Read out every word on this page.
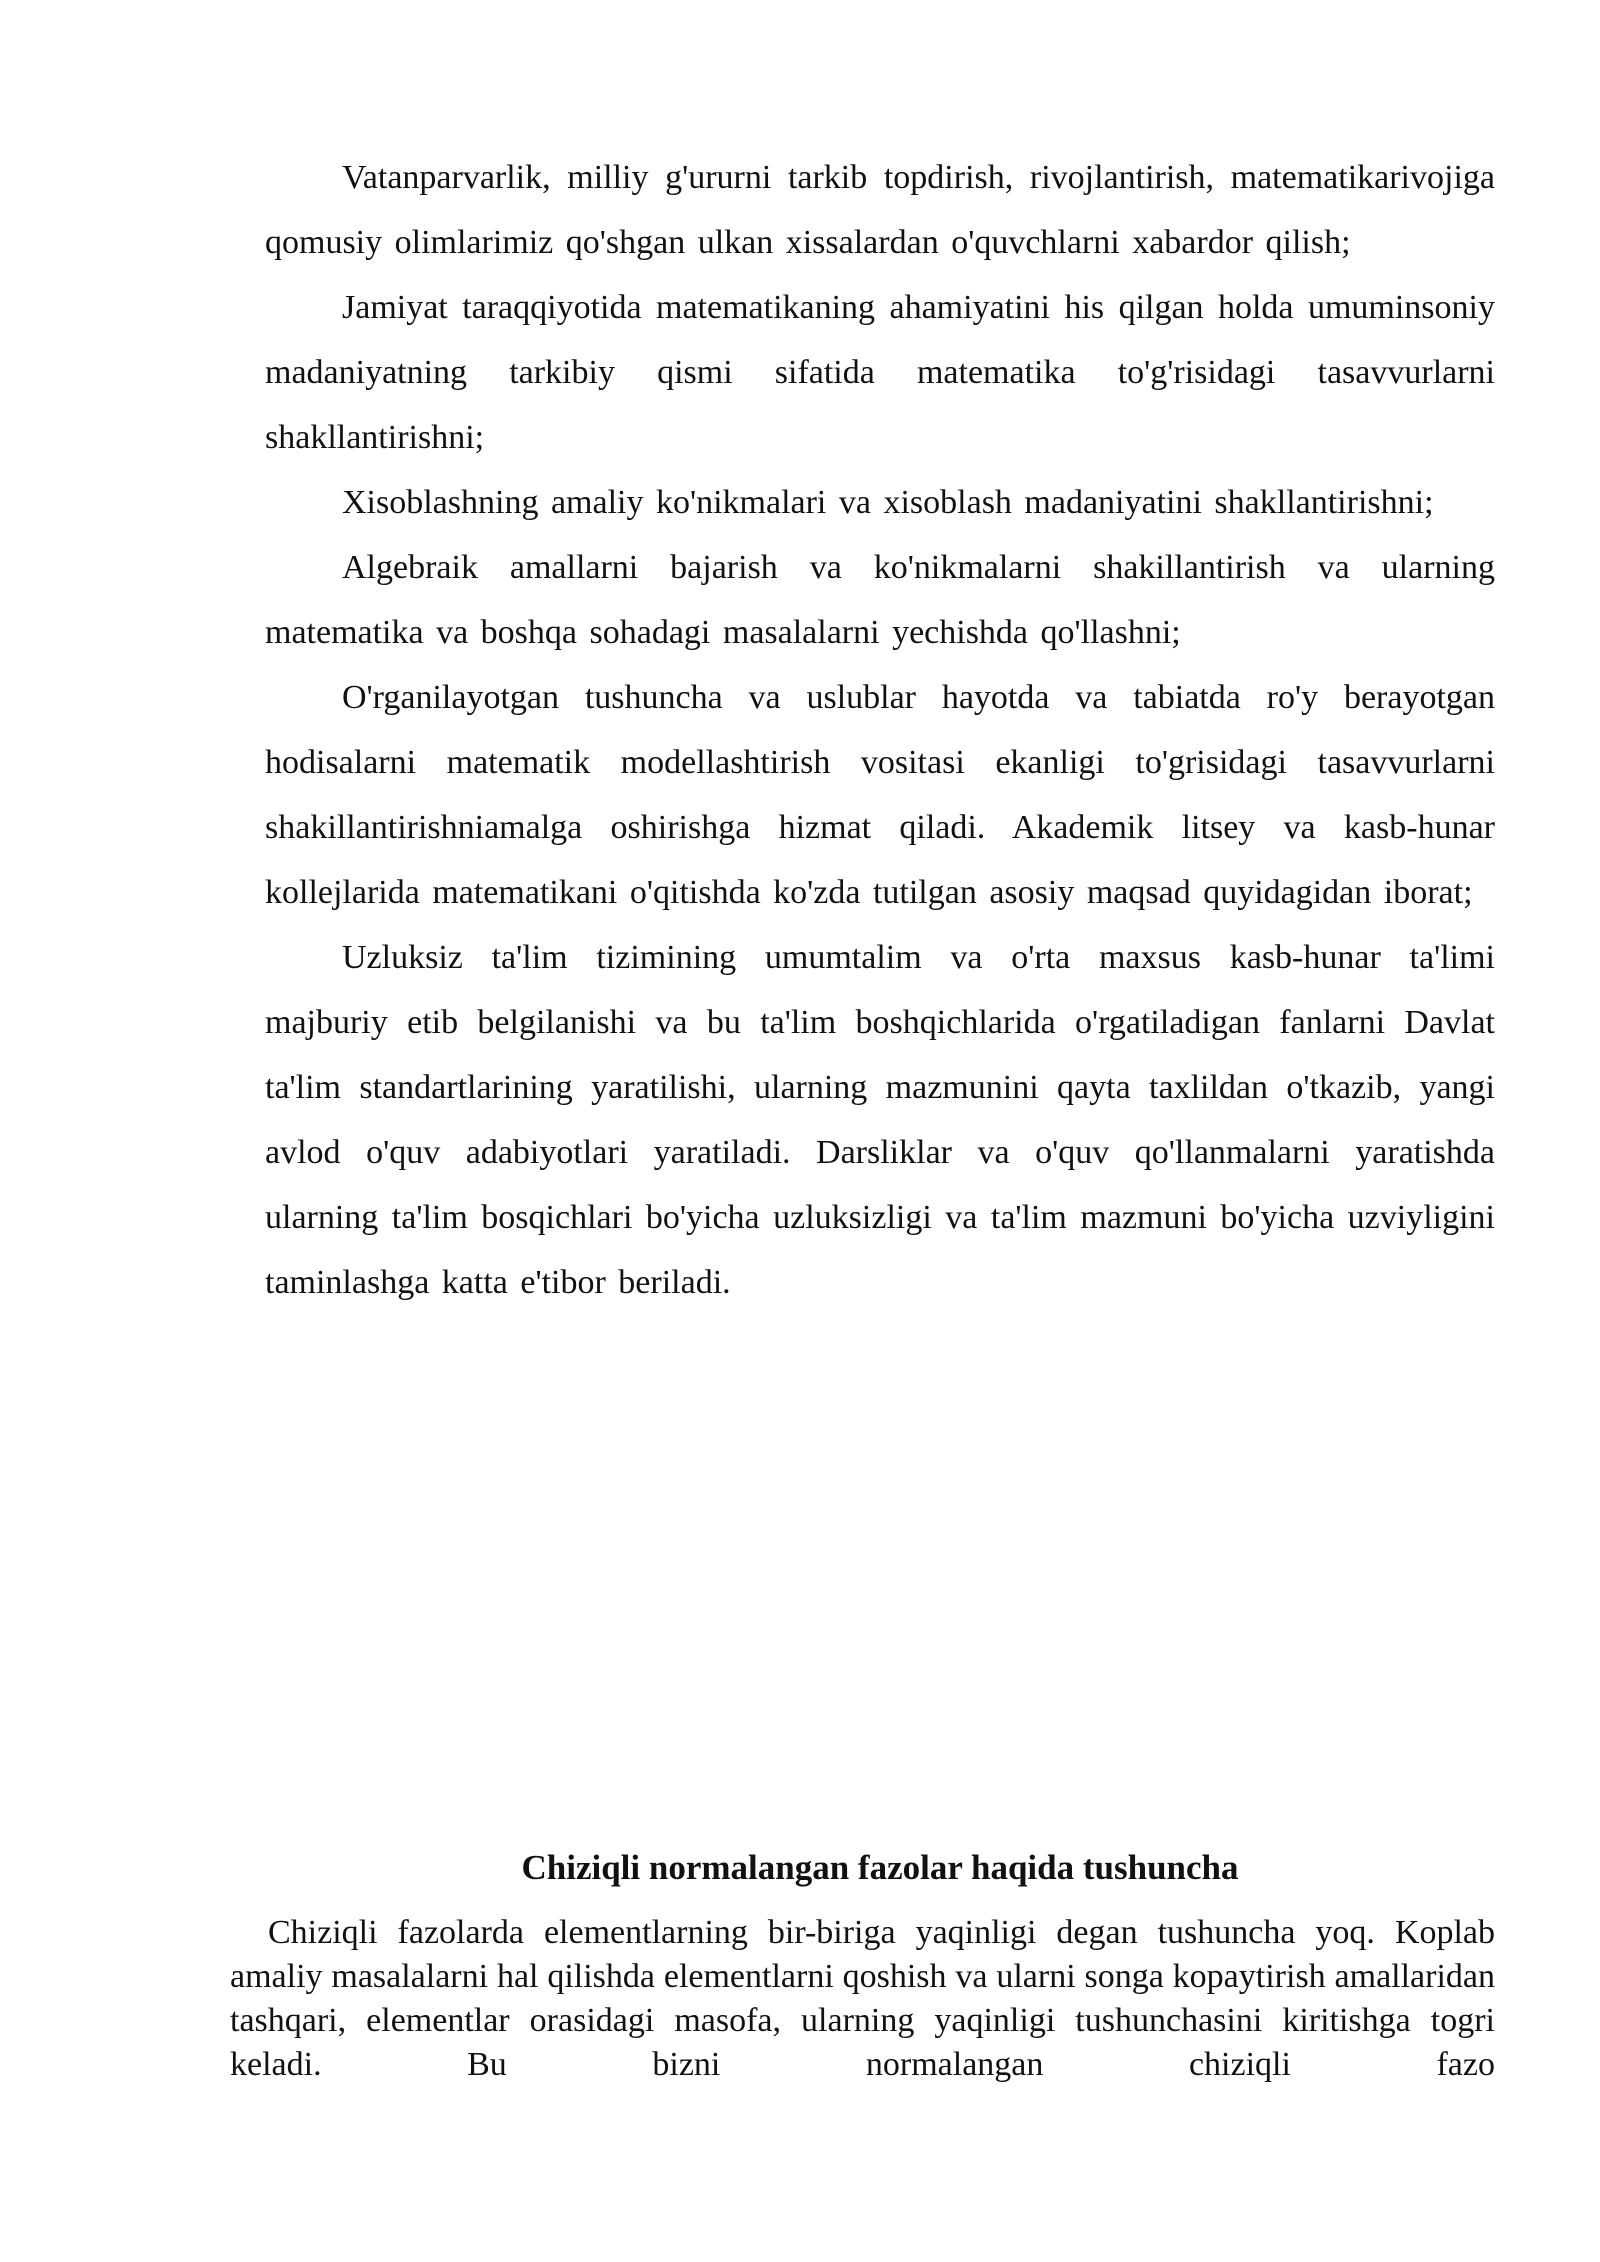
Vatanparvarlik, milliy g'ururni tarkib topdirish, rivojlantirish, matematikarivojiga qomusiy olimlarimiz qo'shgan ulkan xissalardan o'quvchlarni xabardor qilish;

Jamiyat taraqqiyotida matematikaning ahamiyatini his qilgan holda umuminsoniy madaniyatning tarkibiy qismi sifatida matematika to'g'risidagi tasavvurlarni shakllantirishni;

Xisoblashning amaliy ko'nikmalari va xisoblash madaniyatini shakllantirishni;

Algebraik amallarni bajarish va ko'nikmalarni shakillantirish va ularning matematika va boshqa sohadagi masalalarni yechishda qo'llashni;

O'rganilayotgan tushuncha va uslublar hayotda va tabiatda ro'y berayotgan hodisalarni matematik modellashtirish vositasi ekanligi to'grisidagi tasavvurlarni shakillantirishniamalga oshirishga hizmat qiladi. Akademik litsey va kasb-hunar kollejlarida matematikani o'qitishda ko'zda tutilgan asosiy maqsad quyidagidan iborat;

Uzluksiz ta'lim tizimining umumtalim va o'rta maxsus kasb-hunar ta'limi majburiy etib belgilanishi va bu ta'lim boshqichlarida o'rgatiladigan fanlarni Davlat ta'lim standartlarining yaratilishi, ularning mazmunini qayta taxlildan o'tkazib, yangi avlod o'quv adabiyotlari yaratiladi. Darsliklar va o'quv qo'llanmalarni yaratishda ularning ta'lim bosqichlari bo'yicha uzluksizligi va ta'lim mazmuni bo'yicha uzviyligini taminlashga katta e'tibor beriladi.

Chiziqli normalangan fazolar haqida tushuncha

Chiziqli fazolarda elementlarning bir-biriga yaqinligi degan tushuncha yoq. Koplab amaliy masalalarni hal qilishda elementlarni qoshish va ularni songa kopaytirish amallaridan tashqari, elementlar orasidagi masofa, ularning yaqinligi tushunchasini kiritishga togri keladi. Bu bizni normalangan chiziqli fazo
